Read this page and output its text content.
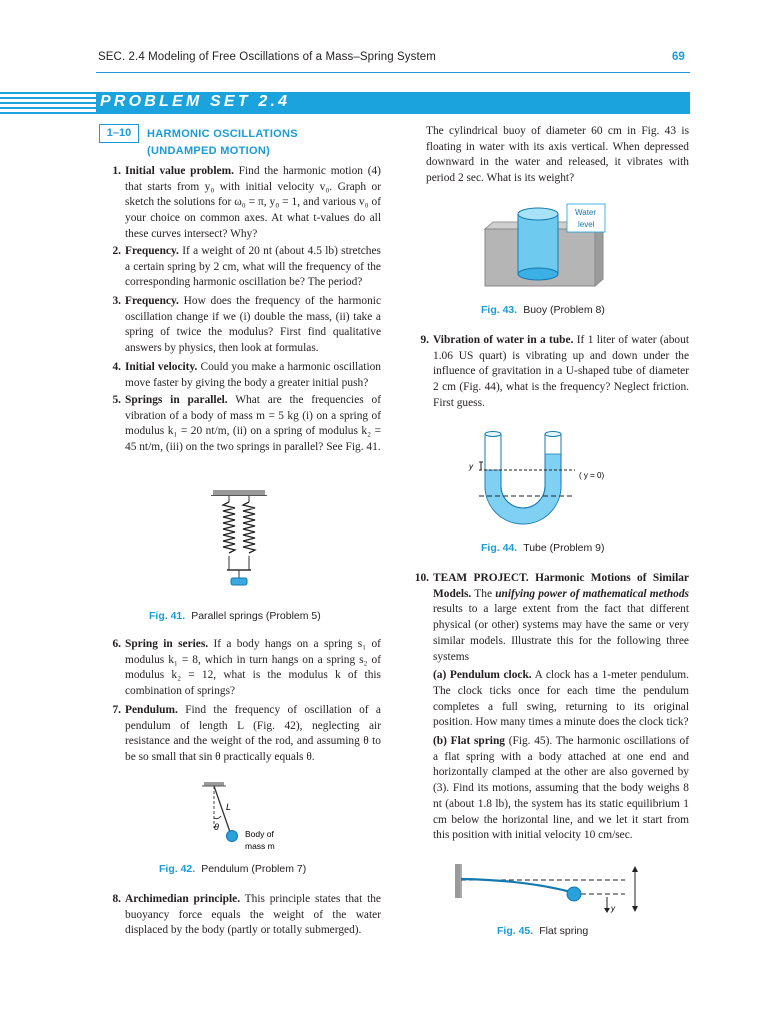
SEC. 2.4 Modeling of Free Oscillations of a Mass–Spring System	69
PROBLEM SET 2.4
1–10	HARMONIC OSCILLATIONS
(UNDAMPED MOTION)
1. Initial value problem. Find the harmonic motion (4) that starts from y₀ with initial velocity v₀. Graph or sketch the solutions for ω₀ = π, y₀ = 1, and various v₀ of your choice on common axes. At what t-values do all these curves intersect? Why?
2. Frequency. If a weight of 20 nt (about 4.5 lb) stretches a certain spring by 2 cm, what will the frequency of the corresponding harmonic oscillation be? The period?
3. Frequency. How does the frequency of the harmonic oscillation change if we (i) double the mass, (ii) take a spring of twice the modulus? First find qualitative answers by physics, then look at formulas.
4. Initial velocity. Could you make a harmonic oscillation move faster by giving the body a greater initial push?
5. Springs in parallel. What are the frequencies of vibration of a body of mass m = 5 kg (i) on a spring of modulus k₁ = 20 nt/m, (ii) on a spring of modulus k₂ = 45 nt/m, (iii) on the two springs in parallel? See Fig. 41.
Fig. 41. Parallel springs (Problem 5)
6. Spring in series. If a body hangs on a spring s₁ of modulus k₁ = 8, which in turn hangs on a spring s₂ of modulus k₂ = 12, what is the modulus k of this combination of springs?
7. Pendulum. Find the frequency of oscillation of a pendulum of length L (Fig. 42), neglecting air resistance and the weight of the rod, and assuming θ to be so small that sin θ practically equals θ.
L
θ
Body of
mass m
Fig. 42. Pendulum (Problem 7)
8. Archimedian principle. This principle states that the buoyancy force equals the weight of the water displaced by the body (partly or totally submerged).
The cylindrical buoy of diameter 60 cm in Fig. 43 is floating in water with its axis vertical. When depressed downward in the water and released, it vibrates with period 2 sec. What is its weight?
Water
level
Fig. 43. Buoy (Problem 8)
9. Vibration of water in a tube. If 1 liter of water (about 1.06 US quart) is vibrating up and down under the influence of gravitation in a U-shaped tube of diameter 2 cm (Fig. 44), what is the frequency? Neglect friction. First guess.
y
( y = 0)
Fig. 44. Tube (Problem 9)
10. TEAM PROJECT. Harmonic Motions of Similar Models. The unifying power of mathematical methods results to a large extent from the fact that different physical (or other) systems may have the same or very similar models. Illustrate this for the following three systems
(a) Pendulum clock. A clock has a 1-meter pendulum. The clock ticks once for each time the pendulum completes a full swing, returning to its original position. How many times a minute does the clock tick?
(b) Flat spring (Fig. 45). The harmonic oscillations of a flat spring with a body attached at one end and horizontally clamped at the other are also governed by (3). Find its motions, assuming that the body weighs 8 nt (about 1.8 lb), the system has its static equilibrium 1 cm below the horizontal line, and we let it start from this position with initial velocity 10 cm/sec.
y
Fig. 45. Flat spring
